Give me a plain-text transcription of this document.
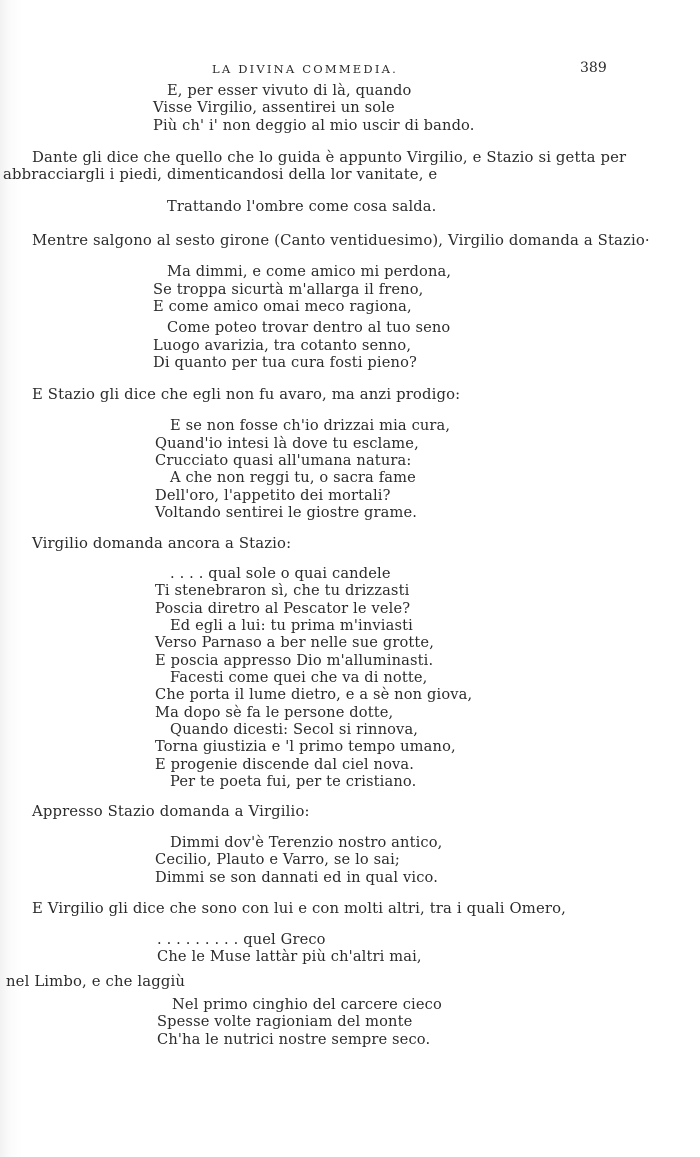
LA DIVINA COMMEDIA.	389
E, per esser vivuto di là, quando
Visse Virgilio, assentirei un sole
Più ch' i' non deggio al mio uscir di bando.
Dante gli dice che quello che lo guida è appunto Virgilio, e Stazio si getta per
abbracciargli i piedi, dimenticandosi della lor vanitate, e
Trattando l'ombre come cosa salda.
Mentre salgono al sesto girone (Canto ventiduesimo), Virgilio domanda a Stazio·
Ma dimmi, e come amico mi perdona,
Se troppa sicurtà m'allarga il freno,
E come amico omai meco ragiona,
Come poteo trovar dentro al tuo seno
Luogo avarizia, tra cotanto senno,
Di quanto per tua cura fosti pieno?
E Stazio gli dice che egli non fu avaro, ma anzi prodigo:
E se non fosse ch'io drizzai mia cura,
Quand'io intesi là dove tu esclame,
Crucciato quasi all'umana natura:
A che non reggi tu, o sacra fame
Dell'oro, l'appetito dei mortali?
Voltando sentirei le giostre grame.
Virgilio domanda ancora a Stazio:
. . . . qual sole o quai candele
Ti stenebraron sì, che tu drizzasti
Poscia diretro al Pescator le vele?
Ed egli a lui: tu prima m'inviasti
Verso Parnaso a ber nelle sue grotte,
E poscia appresso Dio m'alluminasti.
Facesti come quei che va di notte,
Che porta il lume dietro, e a sè non giova,
Ma dopo sè fa le persone dotte,
Quando dicesti: Secol si rinnova,
Torna giustizia e 'l primo tempo umano,
E progenie discende dal ciel nova.
Per te poeta fui, per te cristiano.
Appresso Stazio domanda a Virgilio:
Dimmi dov'è Terenzio nostro antico,
Cecilio, Plauto e Varro, se lo sai;
Dimmi se son dannati ed in qual vico.
E Virgilio gli dice che sono con lui e con molti altri, tra i quali Omero,
. . . . . . . . . quel Greco
Che le Muse lattàr più ch'altri mai,
nel Limbo, e che laggiù
Nel primo cinghio del carcere cieco
Spesse volte ragioniam del monte
Ch'ha le nutrici nostre sempre seco.
